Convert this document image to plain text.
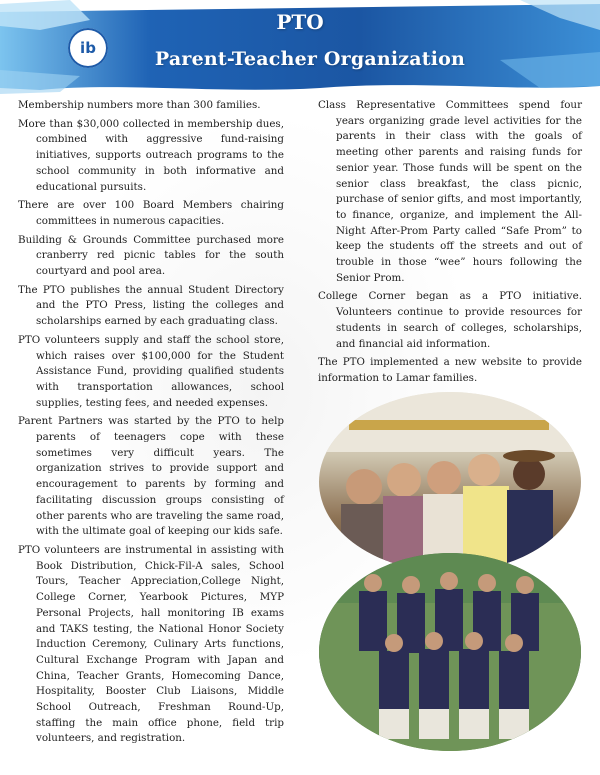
ib
PTO
Parent-Teacher Organization

Membership numbers more than 300 families.

More than $30,000 collected in membership dues, combined with aggressive fund-raising initiatives, supports outreach programs to the school community in both informative and educational pursuits.

There are over 100 Board Members chairing committees in numerous capacities.

Building & Grounds Committee purchased more cranberry red picnic tables for the south courtyard and pool area.

The PTO publishes the annual Student Directory and the PTO Press, listing the colleges and scholarships earned by each graduating class.

PTO volunteers supply and staff the school store, which raises over $100,000 for the Student Assistance Fund, providing qualified students with transportation allowances, school supplies, testing fees, and needed expenses.

Parent Partners was started by the PTO to help parents of teenagers cope with these sometimes very difficult years. The organization strives to provide support and encouragement to parents by forming and facilitating discussion groups consisting of other parents who are traveling the same road, with the ultimate goal of keeping our kids safe.

PTO volunteers are instrumental in assisting with Book Distribution, Chick-Fil-A sales, School Tours, Teacher Appreciation,College Night, College Corner, Yearbook Pictures, MYP Personal Projects, hall monitoring IB exams and TAKS testing, the National Honor Society Induction Ceremony, Culinary Arts functions, Cultural Exchange Program with Japan and China, Teacher Grants, Homecoming Dance, Hospitality, Booster Club Liaisons, Middle School Outreach, Freshman Round-Up, staffing the main office phone, field trip volunteers, and registration.

Class Representative Committees spend four years organizing grade level activities for the parents in their class with the goals of meeting other parents and raising funds for senior year. Those funds will be spent on the senior class breakfast, the class picnic, purchase of senior gifts, and most importantly, to finance, organize, and implement the All-Night After-Prom Party called “Safe Prom” to keep the students off the streets and out of trouble in those “wee” hours following the Senior Prom.

College Corner began as a PTO initiative. Volunteers continue to provide resources for students in search of colleges, scholarships, and financial aid information.

The PTO implemented a new website to provide information to Lamar families.
